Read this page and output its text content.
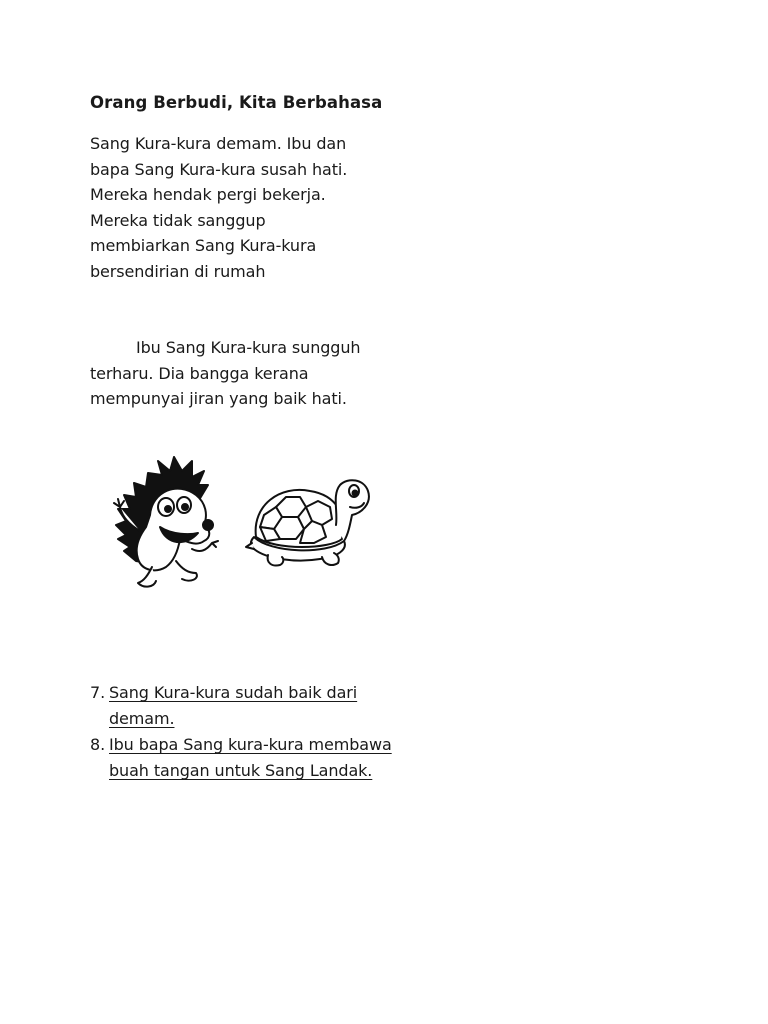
Orang Berbudi, Kita Berbahasa
Sang Kura-kura demam. Ibu dan
bapa Sang Kura-kura susah hati.
Mereka hendak pergi bekerja.
Mereka tidak sanggup
membiarkan Sang Kura-kura
bersendirian di rumah
Ibu Sang Kura-kura sungguh
terharu. Dia bangga kerana
mempunyai jiran yang baik hati.
7. Sang Kura-kura sudah baik dari
demam.
8. Ibu bapa Sang kura-kura membawa
buah tangan untuk Sang Landak.
